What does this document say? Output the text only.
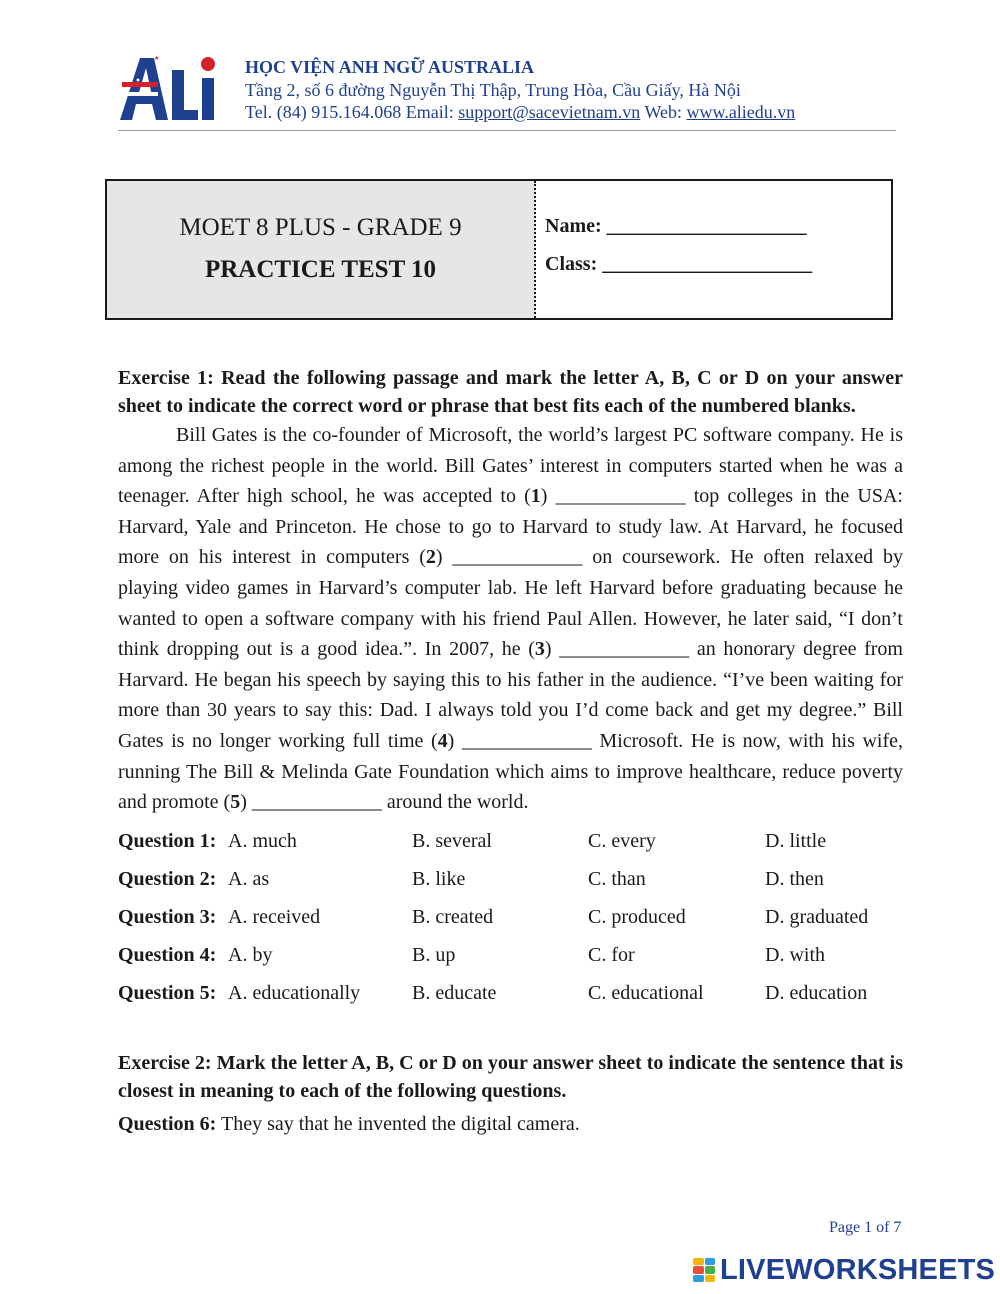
★	HỌC VIỆN ANH NGỮ AUSTRALIA
Tầng 2, số 6 đường Nguyễn Thị Thập, Trung Hòa, Cầu Giấy, Hà Nội
Tel. (84) 915.164.068 Email: support@sacevietnam.vn Web: www.aliedu.vn
MOET 8 PLUS - GRADE 9
PRACTICE TEST 10
Name: ____________________
Class: _____________________

Exercise 1: Read the following passage and mark the letter A, B, C or D on your answer sheet to indicate the correct word or phrase that best fits each of the numbered blanks.

Bill Gates is the co-founder of Microsoft, the world’s largest PC software company. He is among the richest people in the world. Bill Gates’ interest in computers started when he was a teenager. After high school, he was accepted to (1) _____________ top colleges in the USA: Harvard, Yale and Princeton. He chose to go to Harvard to study law. At Harvard, he focused more on his interest in computers (2) _____________ on coursework. He often relaxed by playing video games in Harvard’s computer lab. He left Harvard before graduating because he wanted to open a software company with his friend Paul Allen. However, he later said, “I don’t think dropping out is a good idea.”. In 2007, he (3) _____________ an honorary degree from Harvard. He began his speech by saying this to his father in the audience. “I’ve been waiting for more than 30 years to say this: Dad. I always told you I’d come back and get my degree.” Bill Gates is no longer working full time (4) _____________ Microsoft. He is now, with his wife, running The Bill & Melinda Gate Foundation which aims to improve healthcare, reduce poverty and promote (5) _____________ around the world.

Question 1: A. much	B. several	C. every	D. little
Question 2: A. as	B. like	C. than	D. then
Question 3: A. received	B. created	C. produced	D. graduated
Question 4: A. by	B. up	C. for	D. with
Question 5: A. educationally	B. educate	C. educational	D. education

Exercise 2: Mark the letter A, B, C or D on your answer sheet to indicate the sentence that is closest in meaning to each of the following questions.

Question 6: They say that he invented the digital camera.
Page 1 of 7
LIVEWORKSHEETS
